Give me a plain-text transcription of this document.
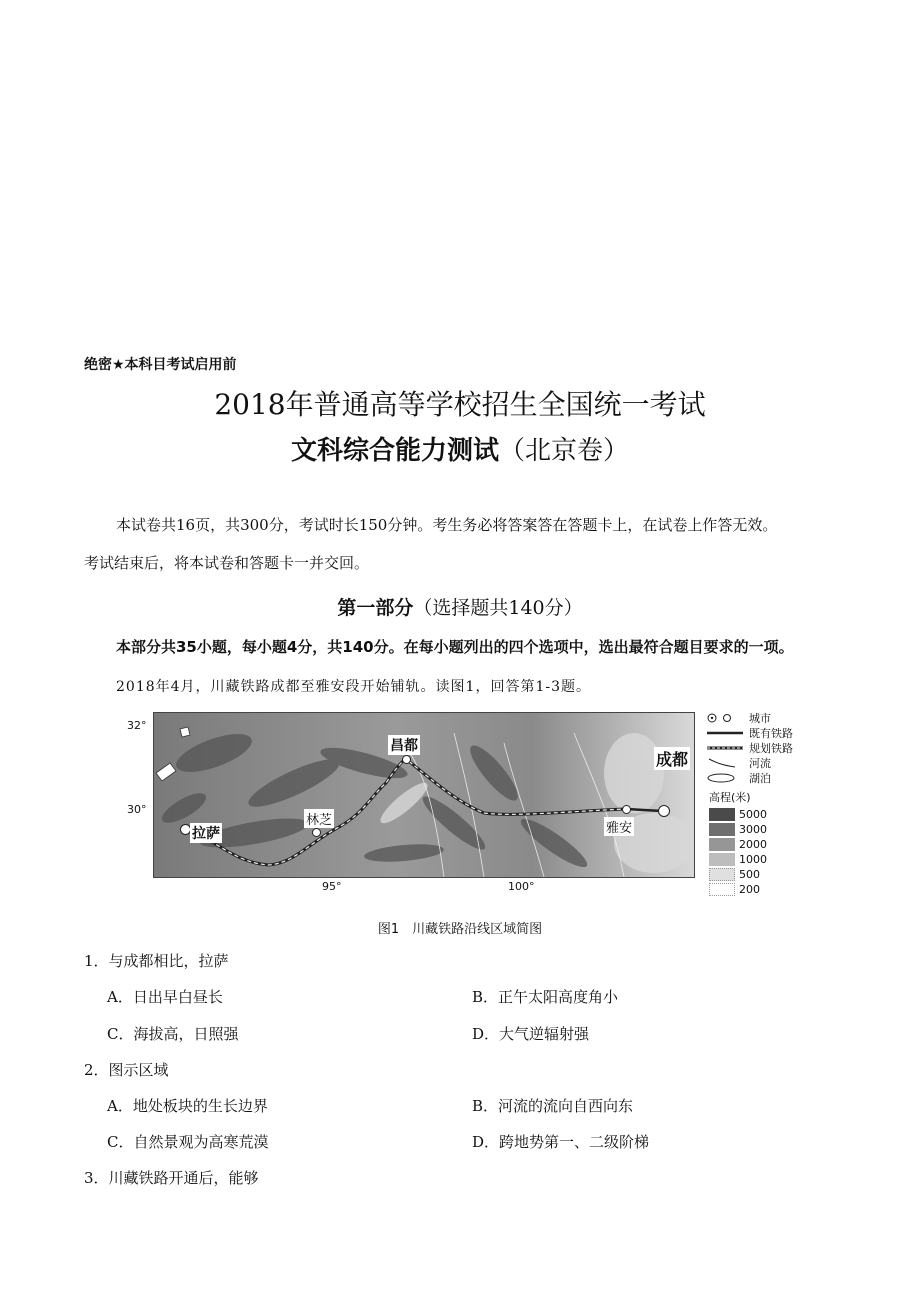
绝密★本科目考试启用前
2018年普通高等学校招生全国统一考试
文科综合能力测试（北京卷）
本试卷共16页，共300分，考试时长150分钟。考生务必将答案答在答题卡上，在试卷上作答无效。
考试结束后，将本试卷和答题卡一并交回。
第一部分（选择题共140分）
本部分共35小题，每小题4分，共140分。在每小题列出的四个选项中，选出最符合题目要求的一项。
2018年4月，川藏铁路成都至雅安段开始铺轨。读图1，回答第1-3题。
32°
30°
95°	100°
拉萨
林芝
昌都
雅安
成都
城市
既有铁路
规划铁路
河流
湖泊
高程(米)
5000
3000
2000
1000
500
200
图1　川藏铁路沿线区域简图
1．与成都相比，拉萨
A．日出早白昼长	B．正午太阳高度角小
C．海拔高，日照强	D．大气逆辐射强
2．图示区域
A．地处板块的生长边界	B．河流的流向自西向东
C．自然景观为高寒荒漠	D．跨地势第一、二级阶梯
3．川藏铁路开通后，能够
